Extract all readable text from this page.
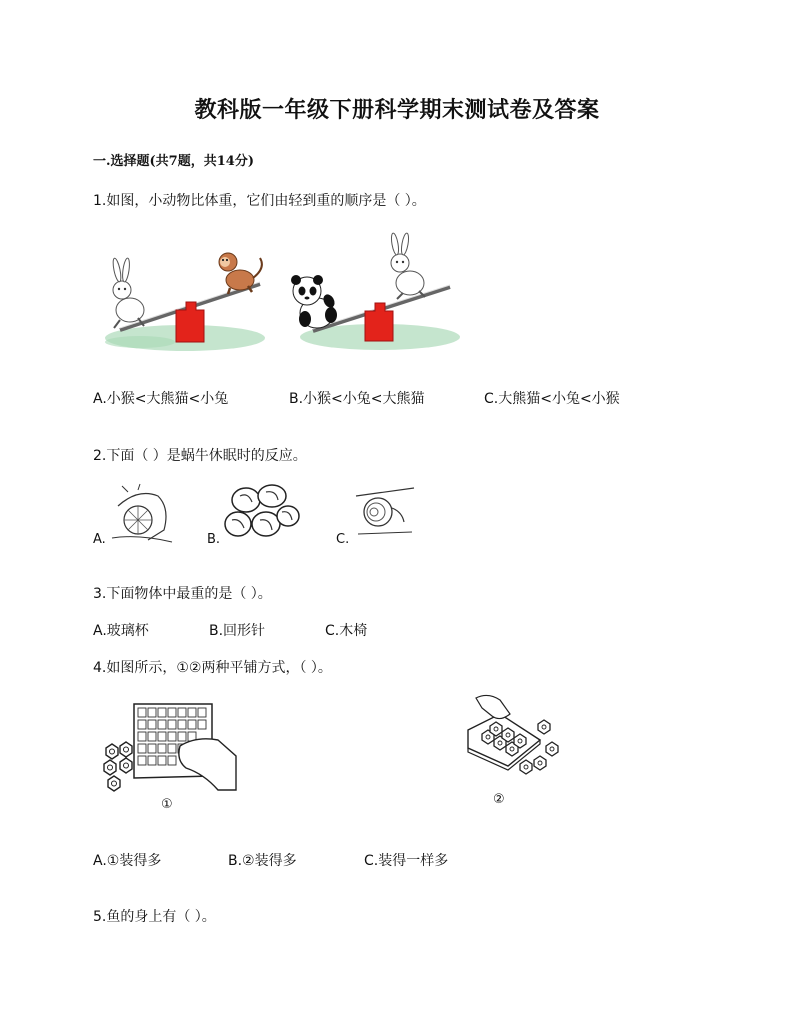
教科版一年级下册科学期末测试卷及答案
一.选择题(共7题，共14分)
1.如图，小动物比体重，它们由轻到重的顺序是（ ）。
A.小猴<大熊猫<小兔	B.小猴<小兔<大熊猫	C.大熊猫<小兔<小猴
2.下面（ ）是蜗牛休眠时的反应。
A.	B.	C.
3.下面物体中最重的是（ ）。
A.玻璃杯	B.回形针	C.木椅
4.如图所示，①②两种平铺方式，（ ）。
①	②
A.①装得多	B.②装得多	C.装得一样多
5.鱼的身上有（ ）。
